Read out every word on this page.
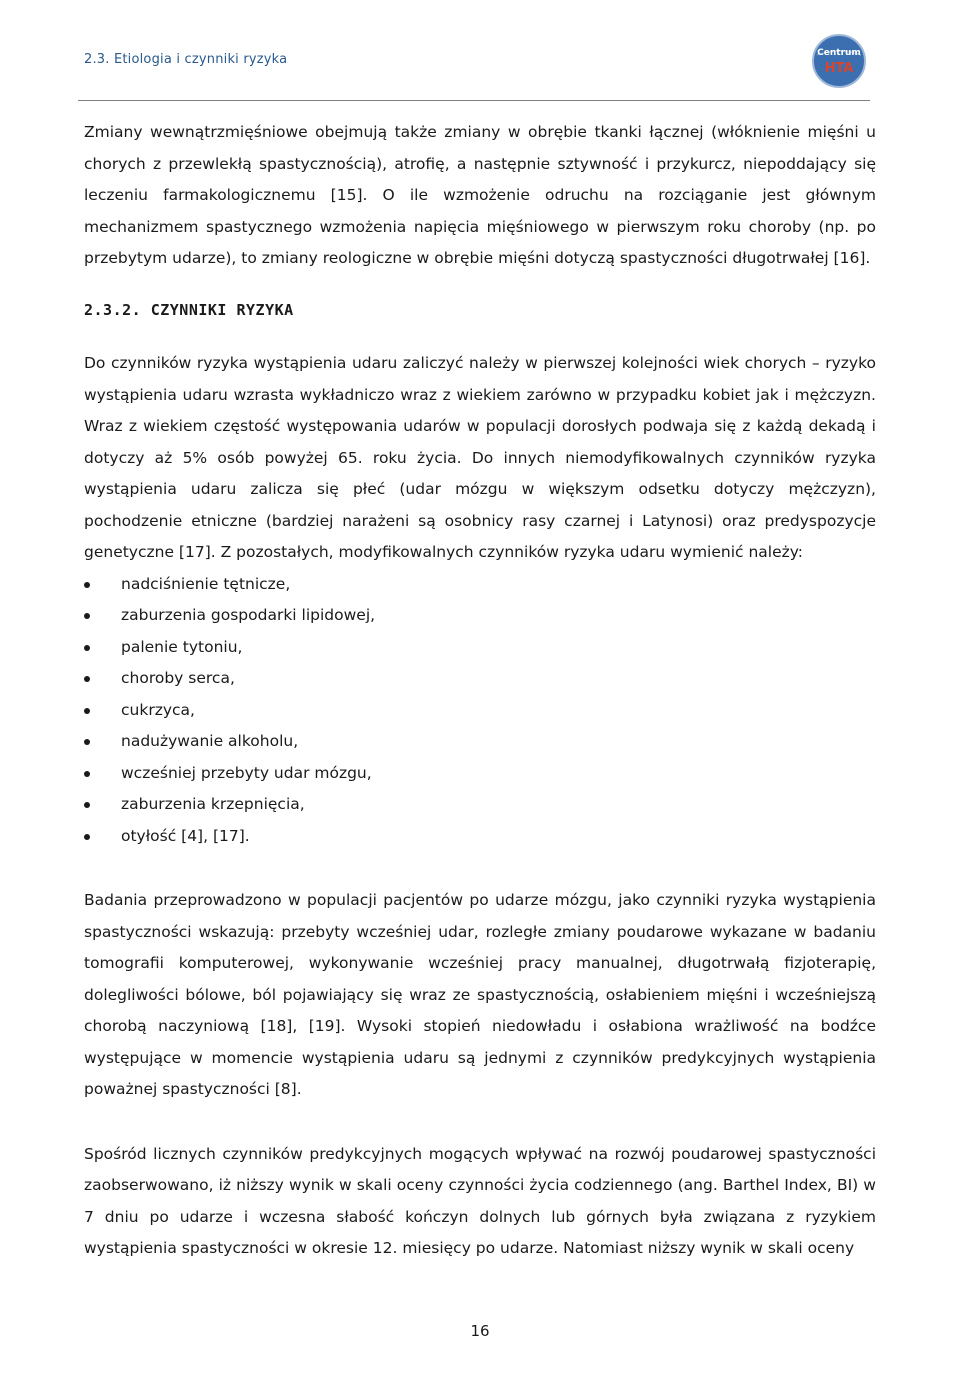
2.3. Etiologia i czynniki ryzyka	Centrum
HTA

Zmiany wewnątrzmięśniowe obejmują także zmiany w obrębie tkanki łącznej (włóknienie mięśni u chorych z przewlekłą spastycznością), atrofię, a następnie sztywność i przykurcz, niepoddający się leczeniu farmakologicznemu [15]. O ile wzmożenie odruchu na rozciąganie jest głównym mechanizmem spastycznego wzmożenia napięcia mięśniowego w pierwszym roku choroby (np. po przebytym udarze), to zmiany reologiczne w obrębie mięśni dotyczą spastyczności długotrwałej [16].

2.3.2. CZYNNIKI RYZYKA

Do czynników ryzyka wystąpienia udaru zaliczyć należy w pierwszej kolejności wiek chorych – ryzyko wystąpienia udaru wzrasta wykładniczo wraz z wiekiem zarówno w przypadku kobiet jak i mężczyzn. Wraz z wiekiem częstość występowania udarów w populacji dorosłych podwaja się z każdą dekadą i dotyczy aż 5% osób powyżej 65. roku życia. Do innych niemodyfikowalnych czynników ryzyka wystąpienia udaru zalicza się płeć (udar mózgu w większym odsetku dotyczy mężczyzn), pochodzenie etniczne (bardziej narażeni są osobnicy rasy czarnej i Latynosi) oraz predyspozycje genetyczne [17]. Z pozostałych, modyfikowalnych czynników ryzyka udaru wymienić należy:

nadciśnienie tętnicze,
zaburzenia gospodarki lipidowej,
palenie tytoniu,
choroby serca,
cukrzyca,
nadużywanie alkoholu,
wcześniej przebyty udar mózgu,
zaburzenia krzepnięcia,
otyłość [4], [17].

Badania przeprowadzono w populacji pacjentów po udarze mózgu, jako czynniki ryzyka wystąpienia spastyczności wskazują: przebyty wcześniej udar, rozległe zmiany poudarowe wykazane w badaniu tomografii komputerowej, wykonywanie wcześniej pracy manualnej, długotrwałą fizjoterapię, dolegliwości bólowe, ból pojawiający się wraz ze spastycznością, osłabieniem mięśni i wcześniejszą chorobą naczyniową [18], [19]. Wysoki stopień niedowładu i osłabiona wrażliwość na bodźce występujące w momencie wystąpienia udaru są jednymi z czynników predykcyjnych wystąpienia poważnej spastyczności [8].

Spośród licznych czynników predykcyjnych mogących wpływać na rozwój poudarowej spastyczności zaobserwowano, iż niższy wynik w skali oceny czynności życia codziennego (ang. Barthel Index, BI) w 7 dniu po udarze i wczesna słabość kończyn dolnych lub górnych była związana z ryzykiem wystąpienia spastyczności w okresie 12. miesięcy po udarze. Natomiast niższy wynik w skali oceny

16
